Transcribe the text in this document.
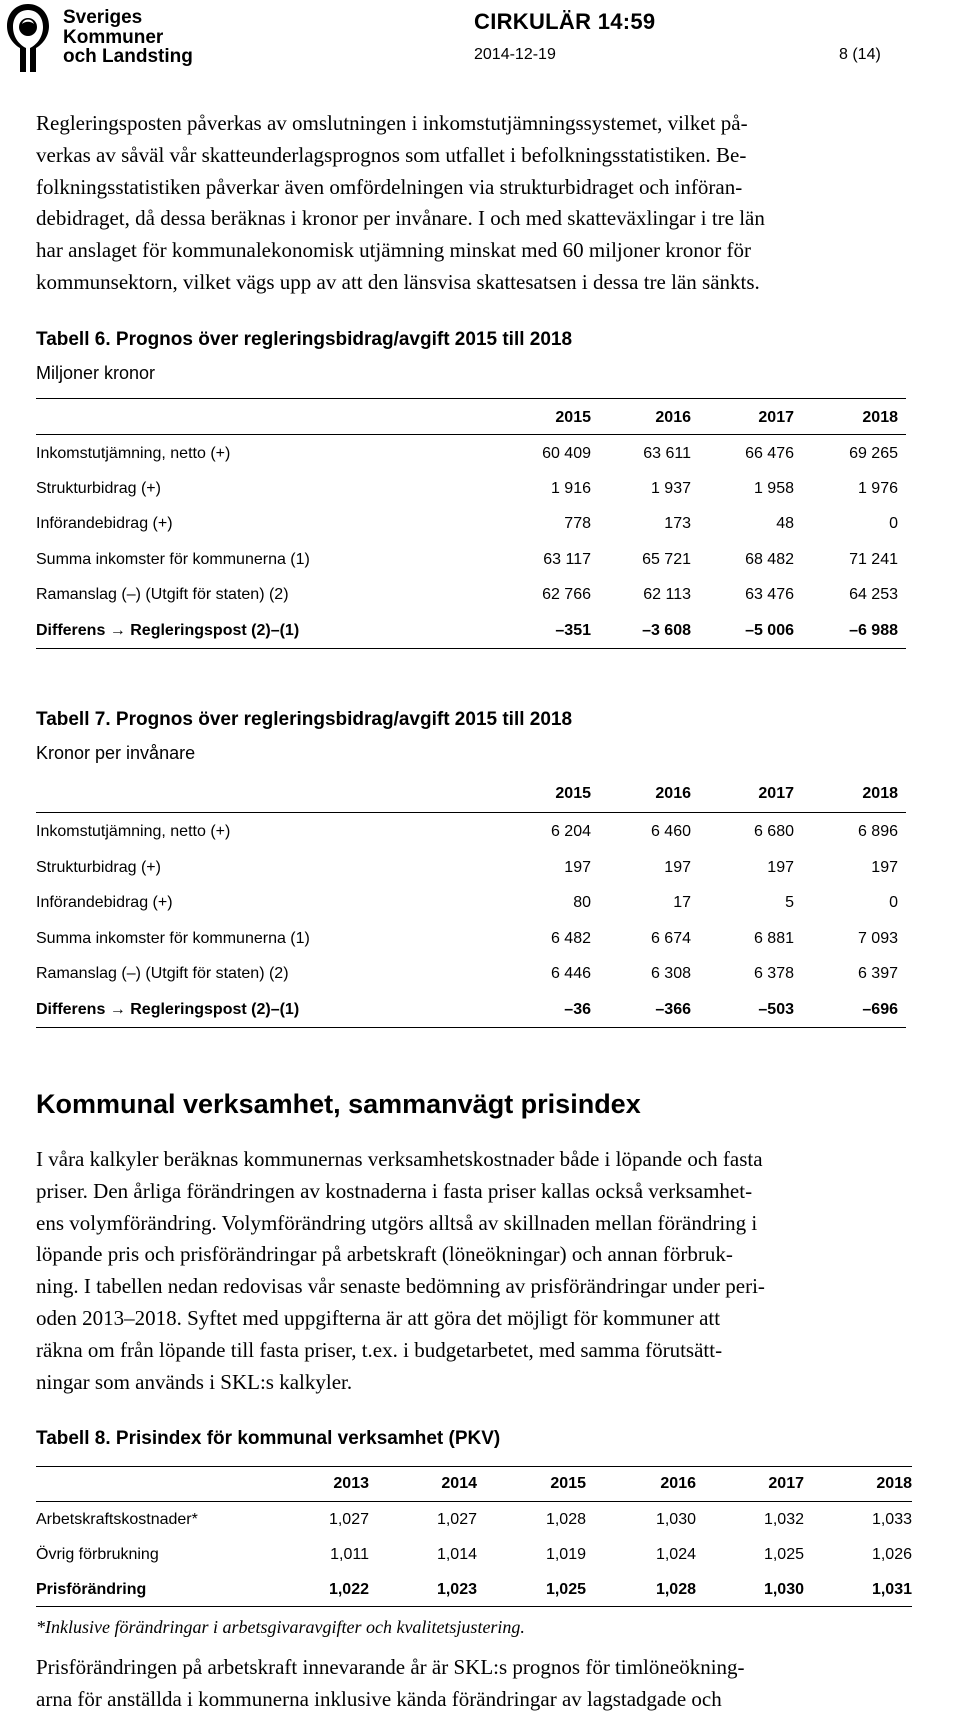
Sveriges
Kommuner
och Landsting
CIRKULÄR 14:59
2014-12-19	8 (14)
Regleringsposten påverkas av omslutningen i inkomstutjämningssystemet, vilket på-
verkas av såväl vår skatteunderlagsprognos som utfallet i befolkningsstatistiken. Be-
folkningsstatistiken påverkar även omfördelningen via strukturbidraget och införan-
debidraget, då dessa beräknas i kronor per invånare. I och med skatteväxlingar i tre län
har anslaget för kommunalekonomisk utjämning minskat med 60 miljoner kronor för
kommunsektorn, vilket vägs upp av att den länsvisa skattesatsen i dessa tre län sänkts.
Tabell 6. Prognos över regleringsbidrag/avgift 2015 till 2018
Miljoner kronor
2015	2016	2017	2018
Inkomstutjämning, netto (+)	60 409	63 611	66 476	69 265
Strukturbidrag (+)	1 916	1 937	1 958	1 976
Införandebidrag (+)	778	173	48	0
Summa inkomster för kommunerna (1)	63 117	65 721	68 482	71 241
Ramanslag (–) (Utgift för staten) (2)	62 766	62 113	63 476	64 253
Differens → Regleringspost (2)–(1)	–351	–3 608	–5 006	–6 988
Tabell 7. Prognos över regleringsbidrag/avgift 2015 till 2018
Kronor per invånare
2015	2016	2017	2018
Inkomstutjämning, netto (+)	6 204	6 460	6 680	6 896
Strukturbidrag (+)	197	197	197	197
Införandebidrag (+)	80	17	5	0
Summa inkomster för kommunerna (1)	6 482	6 674	6 881	7 093
Ramanslag (–) (Utgift för staten) (2)	6 446	6 308	6 378	6 397
Differens → Regleringspost (2)–(1)	–36	–366	–503	–696
Kommunal verksamhet, sammanvägt prisindex
I våra kalkyler beräknas kommunernas verksamhetskostnader både i löpande och fasta
priser. Den årliga förändringen av kostnaderna i fasta priser kallas också verksamhet-
ens volymförändring. Volymförändring utgörs alltså av skillnaden mellan förändring i
löpande pris och prisförändringar på arbetskraft (löneökningar) och annan förbruk-
ning. I tabellen nedan redovisas vår senaste bedömning av prisförändringar under peri-
oden 2013–2018. Syftet med uppgifterna är att göra det möjligt för kommuner att
räkna om från löpande till fasta priser, t.ex. i budgetarbetet, med samma förutsätt-
ningar som används i SKL:s kalkyler.
Tabell 8. Prisindex för kommunal verksamhet (PKV)
2013	2014	2015	2016	2017	2018
Arbetskraftskostnader*	1,027	1,027	1,028	1,030	1,032	1,033
Övrig förbrukning	1,011	1,014	1,019	1,024	1,025	1,026
Prisförändring	1,022	1,023	1,025	1,028	1,030	1,031
*Inklusive förändringar i arbetsgivaravgifter och kvalitetsjustering.
Prisförändringen på arbetskraft innevarande år är SKL:s prognos för timlöneökning-
arna för anställda i kommunerna inklusive kända förändringar av lagstadgade och
